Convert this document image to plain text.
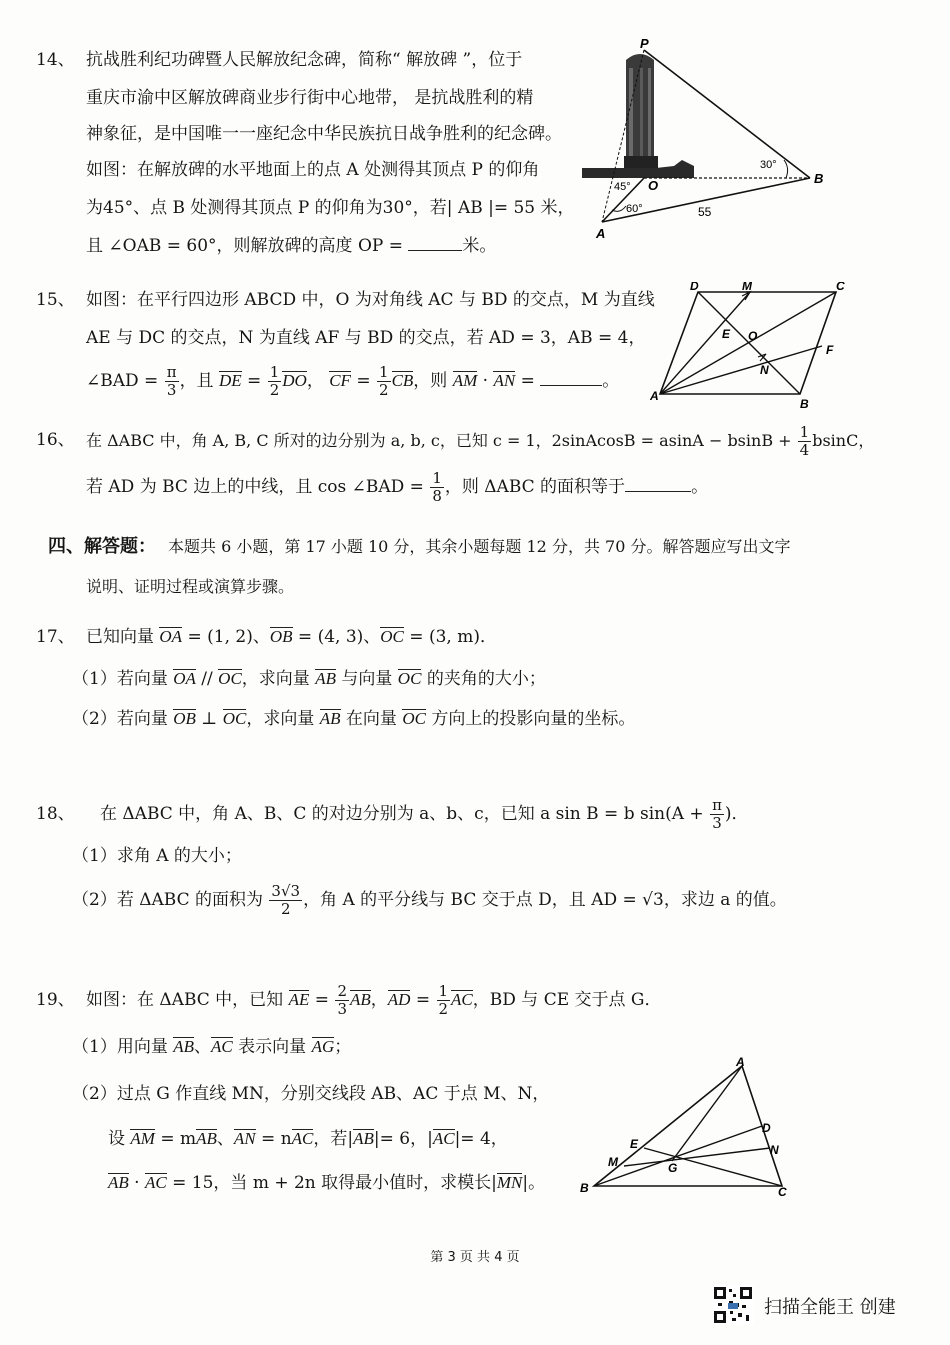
14、 抗战胜利纪功碑暨人民解放纪念碑，简称“ 解放碑 ”，位于
重庆市渝中区解放碑商业步行街中心地带， 是抗战胜利的精
神象征，是中国唯一一座纪念中华民族抗日战争胜利的纪念碑。
如图：在解放碑的水平地面上的点 A 处测得其顶点 P 的仰角
为45°、点 B 处测得其顶点 P 的仰角为30°，若| AB |= 55 米，
且 ∠OAB = 60°，则解放碑的高度 OP =	米。
P
B
A
O
45°
60°
30°
55
15、 如图：在平行四边形 ABCD 中，O 为对角线 AC 与 BD 的交点，M 为直线
AE 与 DC 的交点，N 为直线 AF 与 BD 的交点，若 AD = 3，AB = 4，
∠BAD = $\frac{\pi}{3}$ ，且 DE = $\frac{1}{2}$ DO， CF = $\frac{1}{2}$ CB，则 AM · AN =	。
D	M	C
E O
F
N
A
B
16、 在 ΔABC 中，角 A, B, C 所对的边分别为 a, b, c，已知 c = 1，2sinAcosB = $asinA - bsinB + \frac{1}{4}$ bsinC，
若 AD 为 BC 边上的中线，且 cos ∠BAD = $\frac{1}{8}$ ，则 ΔABC 的面积等于	。
四、解答题： 本题共 6 小题，第 17 小题 10 分，其余小题每题 12 分，共 70 分。解答题应写出文字
说明、证明过程或演算步骤。
17、 已知向量 OA = (1, 2)、OB = (4, 3)、OC = (3, m)．
（1）若向量 OA // OC，求向量 AB 与向量 OC 的夹角的大小；
（2）若向量 OB ⊥ OC，求向量 AB 在向量 OC 方向上的投影向量的坐标。
18、 在 ΔABC 中，角 A、B、C 的对边分别为 a、b、c，已知 a sin B = b $\sin(A + \frac{\pi}{3}$ )．
（1）求角 A 的大小；
（2）若 ΔABC 的面积为 $\frac{3√3}{2}$ ，角 A 的平分线与 BC 交于点 D，且 AD = √3，求边 a 的值。
19、 如图：在 ΔABC 中，已知 AE = $\frac{2}{3}$ AB，AD = $\frac{1}{2}$ AC，BD 与 CE 交于点 G．
（1）用向量 AB、AC 表示向量 AG；
（2）过点 G 作直线 MN，分别交线段 AB、AC 于点 M、N，
设 AM = mAB、AN = nAC，若|AB|= 6，|AC|= 4，
AB · AC = 15，当 m + 2n 取得最小值时，求模长|MN|。
A
D
N
E
M	G
B	C
第 3 页 共 4 页
扫描全能王 创建
